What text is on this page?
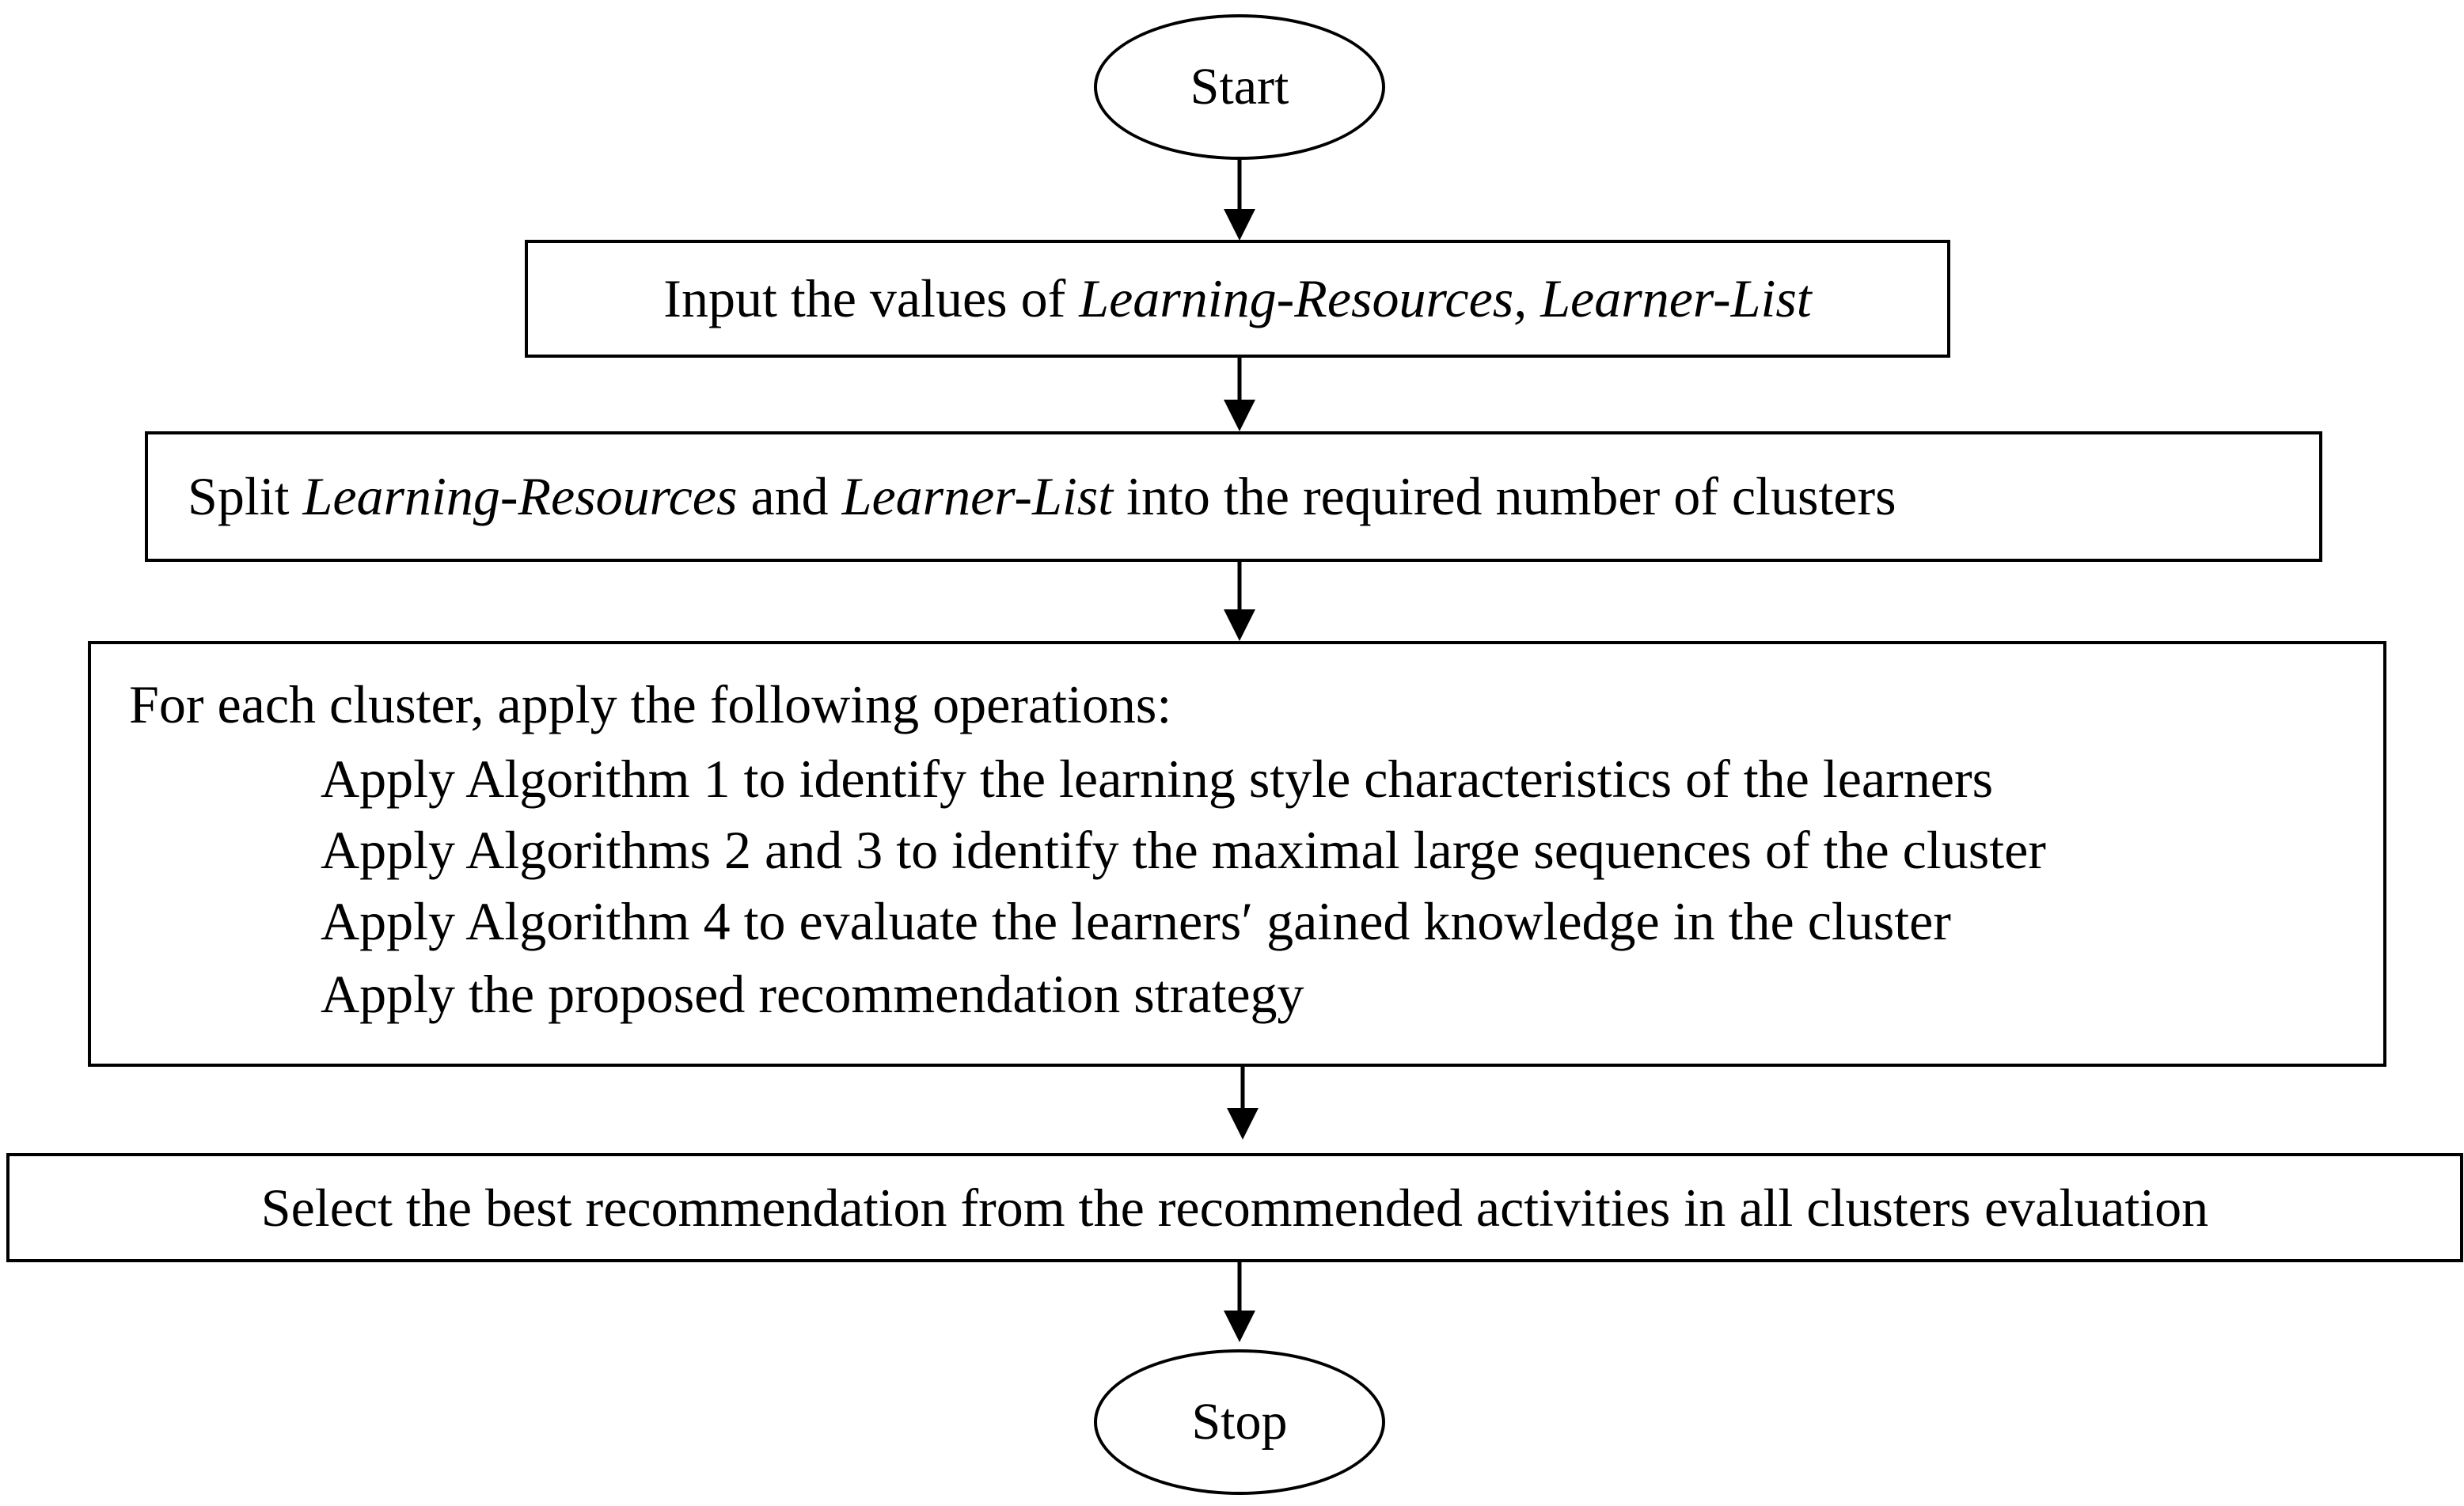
Start
Input the values of Learning-Resources, Learner-List
Split Learning-Resources and Learner-List into the required number of clusters
For each cluster, apply the following operations:
Apply Algorithm 1 to identify the learning style characteristics of the learners
Apply Algorithms 2 and 3 to identify the maximal large sequences of the cluster
Apply Algorithm 4 to evaluate the learners′ gained knowledge in the cluster
Apply the proposed recommendation strategy
Select the best recommendation from the recommended activities in all clusters evaluation
Stop
